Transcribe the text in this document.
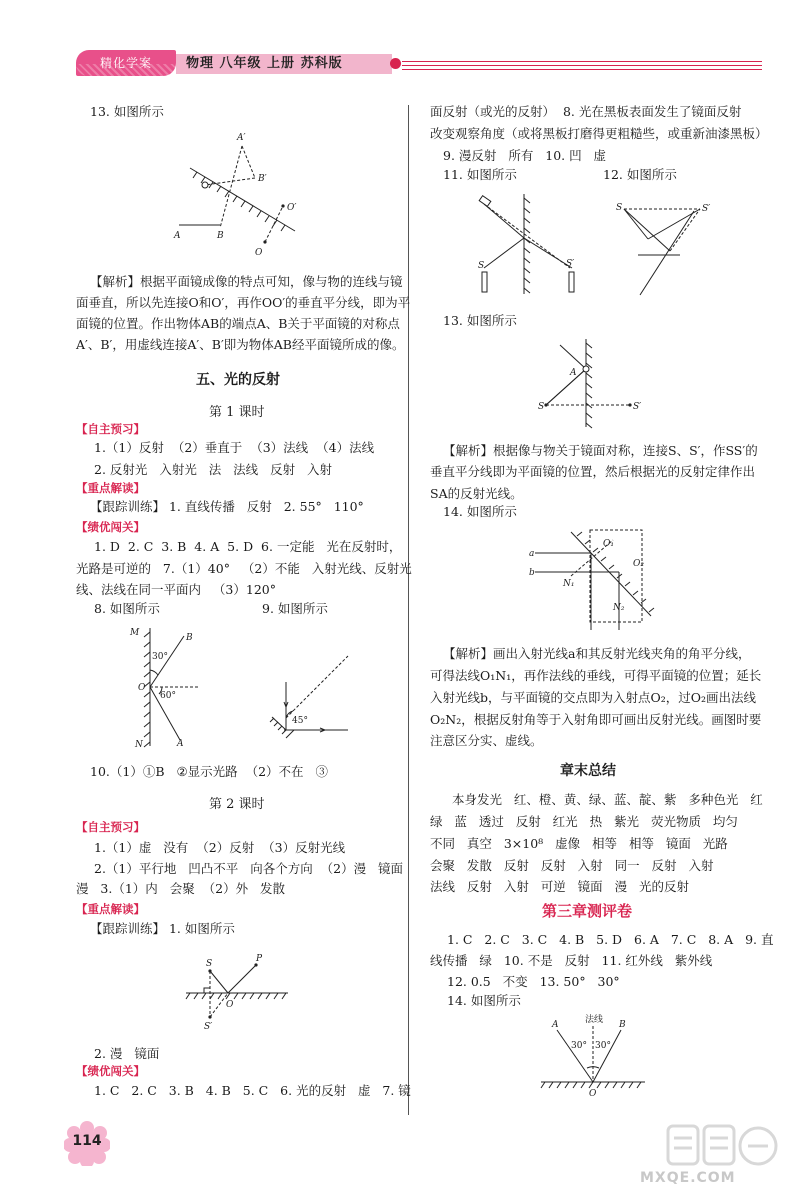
精化学案	物理 八年级 上册 苏科版
13. 如图所示
A′
B′
O′
A	B
O
【解析】根据平面镜成像的特点可知，像与物的连线与镜
面垂直，所以先连接O和O′，再作OO′的垂直平分线，即为平
面镜的位置。作出物体AB的端点A、B关于平面镜的对称点
A′、B′，用虚线连接A′、B′即为物体AB经平面镜所成的像。
五、光的反射
第 1 课时
【自主预习】
1.（1）反射  （2）垂直于  （3）法线  （4）法线
2. 反射光   入射光   法   法线   反射   入射
【重点解读】
【跟踪训练】 1. 直线传播   反射   2. 55°   110°
【绩优闯关】
1. D  2. C  3. B  4. A  5. D  6. 一定能   光在反射时，
光路是可逆的   7.（1）40°   （2）不能   入射光线、反射光
线、法线在同一平面内   （3）120°
8. 如图所示	9. 如图所示
M	B
30°
O
60°
N	A
45°
10.（1）①B   ②显示光路  （2）不在   ③
第 2 课时
【自主预习】
1.（1）虚   没有  （2）反射  （3）反射光线
2.（1）平行地   凹凸不平   向各个方向  （2）漫   镜面
漫   3.（1）内   会聚  （2）外   发散
【重点解读】
【跟踪训练】 1. 如图所示
S	P
O
S′
2. 漫   镜面
【绩优闯关】
1. C   2. C   3. B   4. B   5. C   6. 光的反射   虚   7. 镜
面反射（或光的反射）  8. 光在黑板表面发生了镜面反射
改变观察角度（或将黑板打磨得更粗糙些，或重新油漆黑板）
9. 漫反射   所有   10. 凹   虚
11. 如图所示	12. 如图所示
S	S′
S	S′
13. 如图所示
A
S	S′
【解析】根据像与物关于镜面对称，连接S、S′，作SS′的
垂直平分线即为平面镜的位置，然后根据光的反射定律作出
SA的反射光线。
14. 如图所示
a
b
O₁
O₂
N₁
N₂
【解析】画出入射光线a和其反射光线夹角的角平分线，
可得法线O₁N₁，再作法线的垂线，可得平面镜的位置；延长
入射光线b，与平面镜的交点即为入射点O₂，过O₂画出法线
O₂N₂，根据反射角等于入射角即可画出反射光线。画图时要
注意区分实、虚线。
章末总结
本身发光   红、橙、黄、绿、蓝、靛、紫   多种色光   红
绿   蓝   透过   反射   红光   热   紫光   荧光物质   均匀
不同   真空   3×10⁸   虚像   相等   相等   镜面   光路
会聚   发散   反射   反射   入射   同一   反射   入射
法线   反射   入射   可逆   镜面   漫   光的反射
第三章测评卷
1. C   2. C   3. C   4. B   5. D   6. A   7. C   8. A   9. 直
线传播   绿   10. 不是   反射   11. 红外线   紫外线
12. 0.5   不变   13. 50°   30°
14. 如图所示
法线
A	B
30° 30°
O
114
MXQE.COM
